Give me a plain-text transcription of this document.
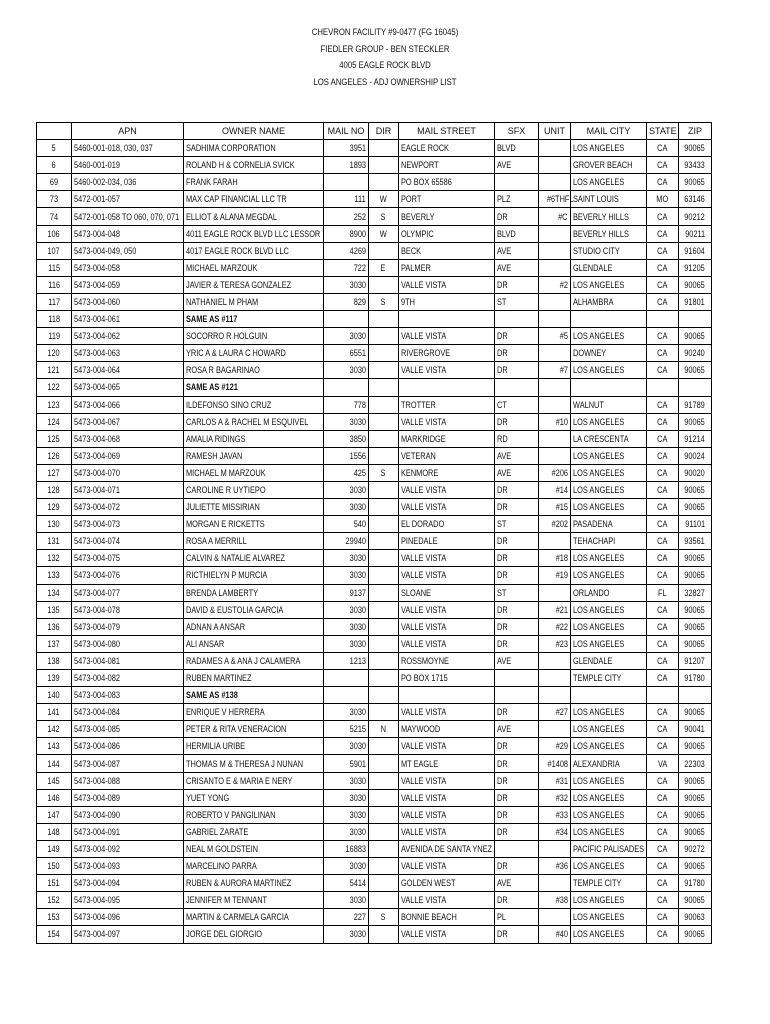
CHEVRON FACILITY #9-0477 (FG 16045)
FIEDLER GROUP - BEN STECKLER
4005 EAGLE ROCK BLVD
LOS ANGELES - ADJ OWNERSHIP LIST
	APN	OWNER NAME	MAIL NO	DIR	MAIL STREET	SFX	UNIT	MAIL CITY	STATE	ZIP
5	5460-001-018, 030, 037	SADHIMA CORPORATION	3951		EAGLE ROCK	BLVD		LOS ANGELES	CA	90065
6	5460-001-019	ROLAND H & CORNELIA SVICK	1893		NEWPORT	AVE		GROVER BEACH	CA	93433
69	5460-002-034, 036	FRANK FARAH			PO BOX 65586			LOS ANGELES	CA	90065
73	5472-001-057	MAX CAP FINANCIAL LLC TR	111	W	PORT	PLZ	#6THFL	SAINT LOUIS	MO	63146
74	5472-001-058 TO 060, 070, 071	ELLIOT & ALANA MEGDAL	252	S	BEVERLY	DR	#C	BEVERLY HILLS	CA	90212
106	5473-004-048	4011 EAGLE ROCK BLVD LLC LESSOR	8900	W	OLYMPIC	BLVD		BEVERLY HILLS	CA	90211
107	5473-004-049, 050	4017 EAGLE ROCK BLVD LLC	4269		BECK	AVE		STUDIO CITY	CA	91604
115	5473-004-058	MICHAEL MARZOUK	722	E	PALMER	AVE		GLENDALE	CA	91205
116	5473-004-059	JAVIER & TERESA GONZALEZ	3030		VALLE VISTA	DR	#2	LOS ANGELES	CA	90065
117	5473-004-060	NATHANIEL M PHAM	829	S	9TH	ST		ALHAMBRA	CA	91801
118	5473-004-061	SAME AS #117								
119	5473-004-062	SOCORRO R HOLGUIN	3030		VALLE VISTA	DR	#5	LOS ANGELES	CA	90065
120	5473-004-063	YRIC A & LAURA C HOWARD	6551		RIVERGROVE	DR		DOWNEY	CA	90240
121	5473-004-064	ROSA R BAGARINAO	3030		VALLE VISTA	DR	#7	LOS ANGELES	CA	90065
122	5473-004-065	SAME AS #121								
123	5473-004-066	ILDEFONSO SINO CRUZ	778		TROTTER	CT		WALNUT	CA	91789
124	5473-004-067	CARLOS A & RACHEL M ESQUIVEL	3030		VALLE VISTA	DR	#10	LOS ANGELES	CA	90065
125	5473-004-068	AMALIA RIDINGS	3850		MARKRIDGE	RD		LA CRESCENTA	CA	91214
126	5473-004-069	RAMESH JAVAN	1556		VETERAN	AVE		LOS ANGELES	CA	90024
127	5473-004-070	MICHAEL M MARZOUK	425	S	KENMORE	AVE	#206	LOS ANGELES	CA	90020
128	5473-004-071	CAROLINE R UYTIEPO	3030		VALLE VISTA	DR	#14	LOS ANGELES	CA	90065
129	5473-004-072	JULIETTE MISSIRIAN	3030		VALLE VISTA	DR	#15	LOS ANGELES	CA	90065
130	5473-004-073	MORGAN E RICKETTS	540		EL DORADO	ST	#202	PASADENA	CA	91101
131	5473-004-074	ROSA A MERRILL	29940		PINEDALE	DR		TEHACHAPI	CA	93561
132	5473-004-075	CALVIN & NATALIE ALVAREZ	3030		VALLE VISTA	DR	#18	LOS ANGELES	CA	90065
133	5473-004-076	RICTHIELYN P MURCIA	3030		VALLE VISTA	DR	#19	LOS ANGELES	CA	90065
134	5473-004-077	BRENDA LAMBERTY	9137		SLOANE	ST		ORLANDO	FL	32827
135	5473-004-078	DAVID & EUSTOLIA GARCIA	3030		VALLE VISTA	DR	#21	LOS ANGELES	CA	90065
136	5473-004-079	ADNAN A ANSAR	3030		VALLE VISTA	DR	#22	LOS ANGELES	CA	90065
137	5473-004-080	ALI ANSAR	3030		VALLE VISTA	DR	#23	LOS ANGELES	CA	90065
138	5473-004-081	RADAMES A & ANA J CALAMERA	1213		ROSSMOYNE	AVE		GLENDALE	CA	91207
139	5473-004-082	RUBEN MARTINEZ			PO BOX 1715			TEMPLE CITY	CA	91780
140	5473-004-083	SAME AS #138								
141	5473-004-084	ENRIQUE V HERRERA	3030		VALLE VISTA	DR	#27	LOS ANGELES	CA	90065
142	5473-004-085	PETER & RITA VENERACION	5215	N	MAYWOOD	AVE		LOS ANGELES	CA	90041
143	5473-004-086	HERMILIA URIBE	3030		VALLE VISTA	DR	#29	LOS ANGELES	CA	90065
144	5473-004-087	THOMAS M & THERESA J NUNAN	5901		MT EAGLE	DR	#1408	ALEXANDRIA	VA	22303
145	5473-004-088	CRISANTO E & MARIA E NERY	3030		VALLE VISTA	DR	#31	LOS ANGELES	CA	90065
146	5473-004-089	YUET YONG	3030		VALLE VISTA	DR	#32	LOS ANGELES	CA	90065
147	5473-004-090	ROBERTO V PANGILINAN	3030		VALLE VISTA	DR	#33	LOS ANGELES	CA	90065
148	5473-004-091	GABRIEL ZARATE	3030		VALLE VISTA	DR	#34	LOS ANGELES	CA	90065
149	5473-004-092	NEAL M GOLDSTEIN	16883		AVENIDA DE SANTA YNEZ			PACIFIC PALISADES	CA	90272
150	5473-004-093	MARCELINO PARRA	3030		VALLE VISTA	DR	#36	LOS ANGELES	CA	90065
151	5473-004-094	RUBEN & AURORA MARTINEZ	5414		GOLDEN WEST	AVE		TEMPLE CITY	CA	91780
152	5473-004-095	JENNIFER M TENNANT	3030		VALLE VISTA	DR	#38	LOS ANGELES	CA	90065
153	5473-004-096	MARTIN & CARMELA GARCIA	227	S	BONNIE BEACH	PL		LOS ANGELES	CA	90063
154	5473-004-097	JORGE DEL GIORGIO	3030		VALLE VISTA	DR	#40	LOS ANGELES	CA	90065
